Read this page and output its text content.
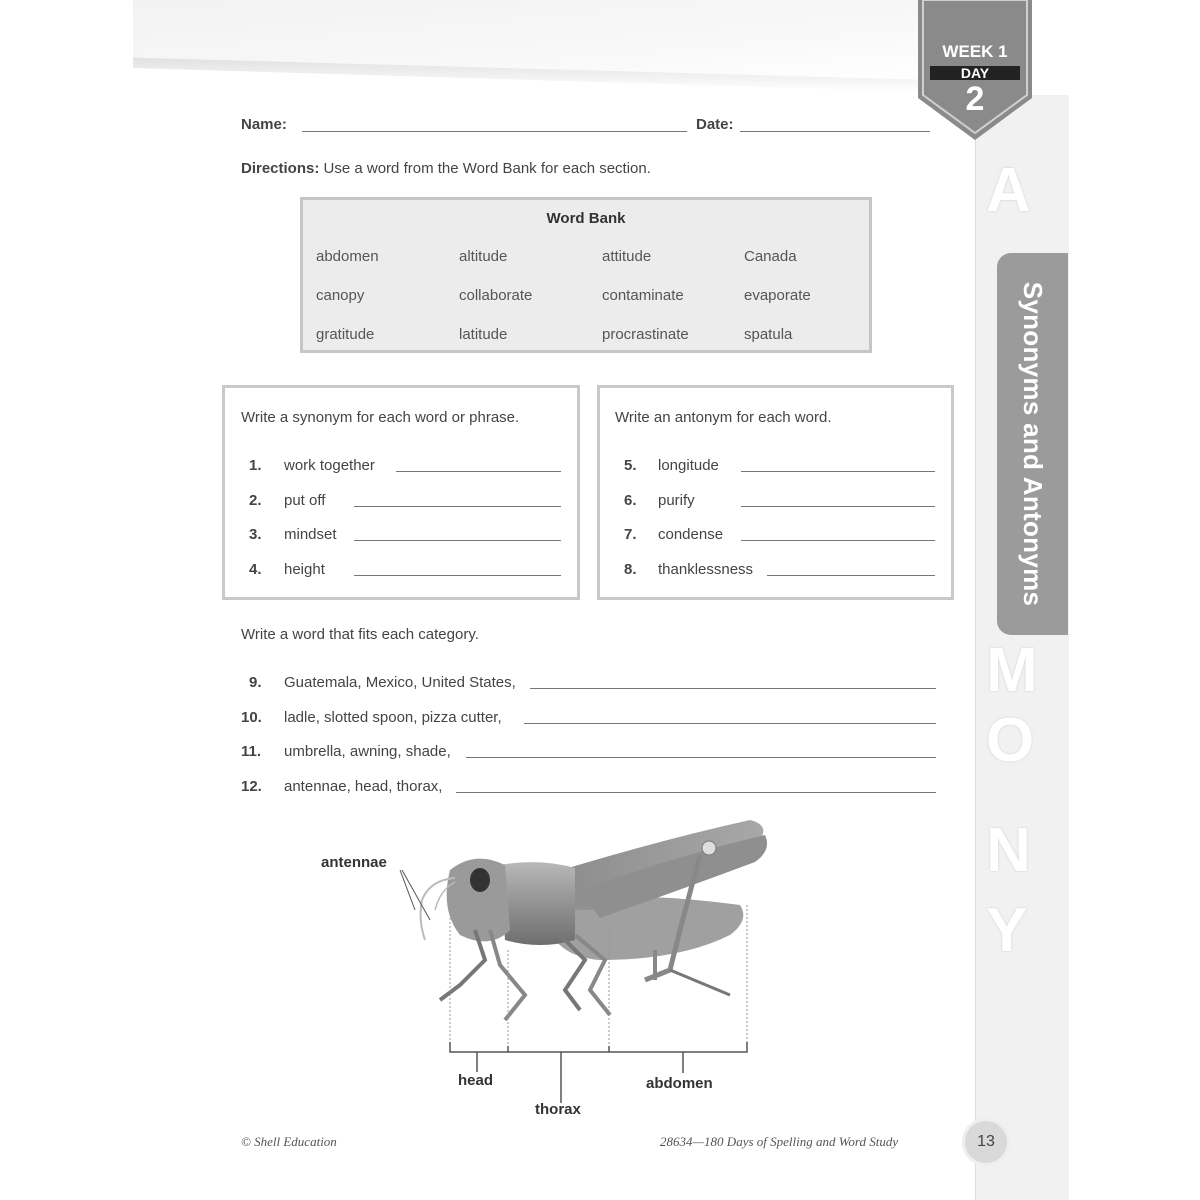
A
M
O
N
Y
Synonyms and Antonyms
WEEK 1
DAY
2
Name:	Date:
Directions: Use a word from the Word Bank for each section.
Word Bank
abdomen	altitude	attitude	Canada
canopy	collaborate	contaminate	evaporate
gratitude	latitude	procrastinate	spatula
Write a synonym for each word or phrase.
1. work together
2. put off
3. mindset
4. height
Write an antonym for each word.
5. longitude
6. purify
7. condense
8. thanklessness
Write a word that fits each category.
9. Guatemala, Mexico, United States,
10. ladle, slotted spoon, pizza cutter,
11. umbrella, awning, shade,
12. antennae, head, thorax,
antennae
head
thorax
abdomen
© Shell Education	28634—180 Days of Spelling and Word Study	13
